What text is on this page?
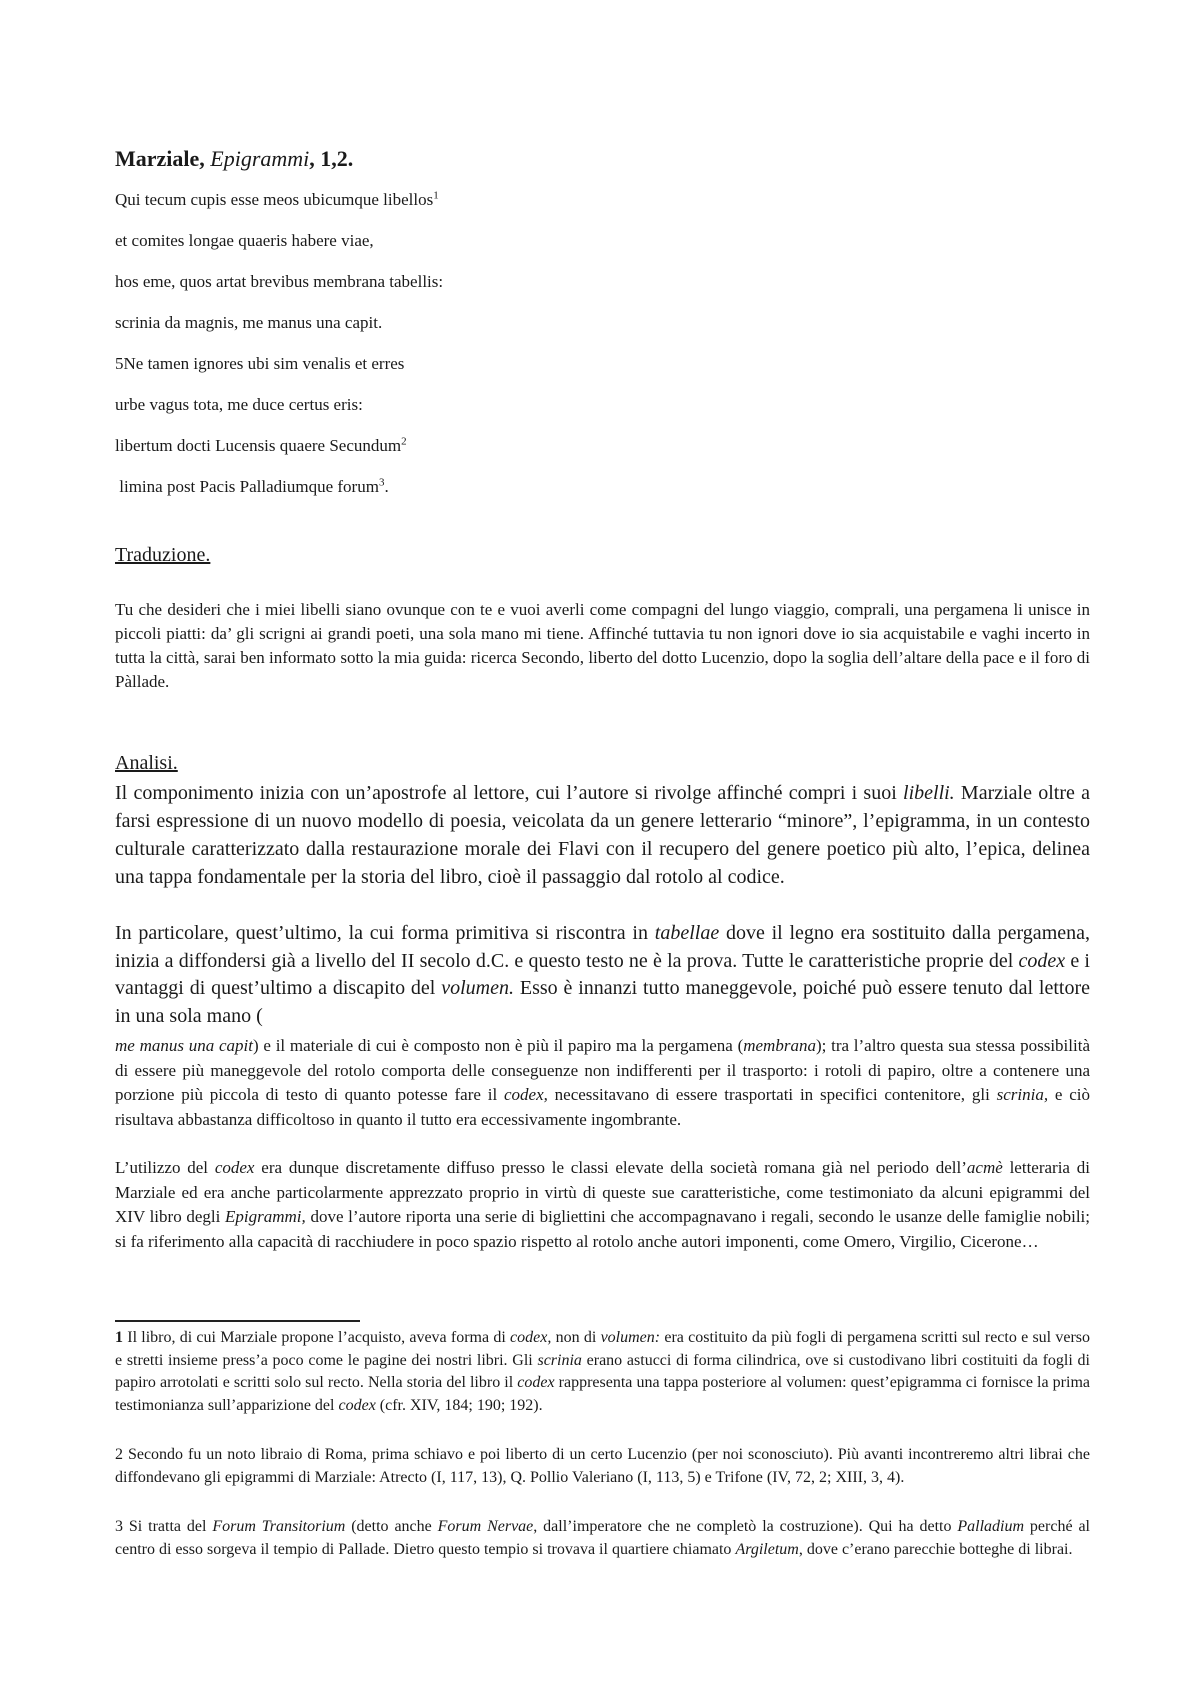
Marziale, Epigrammi, 1,2.
Qui tecum cupis esse meos ubicumque libellos$^1$
et comites longae quaeris habere viae,
hos eme, quos artat brevibus membrana tabellis:
scrinia da magnis, me manus una capit.
5Ne tamen ignores ubi sim venalis et erres
urbe vagus tota, me duce certus eris:
libertum docti Lucensis quaere Secundum$^2$
limina post Pacis Palladiumque forum$^3$.
Traduzione.

Tu che desideri che i miei libelli siano ovunque con te e vuoi averli come compagni del lungo viaggio, comprali, una pergamena li unisce in piccoli piatti: da’ gli scrigni ai grandi poeti, una sola mano mi tiene. Affinché tuttavia tu non ignori dove io sia acquistabile e vaghi incerto in tutta la città, sarai ben informato sotto la mia guida: ricerca Secondo, liberto del dotto Lucenzio, dopo la soglia dell’altare della pace e il foro di Pàllade.

Analisi.

Il componimento inizia con un’apostrofe al lettore, cui l’autore si rivolge affinché compri i suoi libelli. Marziale oltre a farsi espressione di un nuovo modello di poesia, veicolata da un genere letterario “minore”, l’epigramma, in un contesto culturale caratterizzato dalla restaurazione morale dei Flavi con il recupero del genere poetico più alto, l’epica, delinea una tappa fondamentale per la storia del libro, cioè il passaggio dal rotolo al codice.

In particolare, quest’ultimo, la cui forma primitiva si riscontra in tabellae dove il legno era sostituito dalla pergamena, inizia a diffondersi già a livello del II secolo d.C. e questo testo ne è la prova. Tutte le caratteristiche proprie del codex e i vantaggi di quest’ultimo a discapito del volumen. Esso è innanzi tutto maneggevole, poiché può essere tenuto dal lettore in una sola mano (

me manus una capit) e il materiale di cui è composto non è più il papiro ma la pergamena (membrana); tra l’altro questa sua stessa possibilità di essere più maneggevole del rotolo comporta delle conseguenze non indifferenti per il trasporto: i rotoli di papiro, oltre a contenere una porzione più piccola di testo di quanto potesse fare il codex, necessitavano di essere trasportati in specifici contenitore, gli scrinia, e ciò risultava abbastanza difficoltoso in quanto il tutto era eccessivamente ingombrante.

L’utilizzo del codex era dunque discretamente diffuso presso le classi elevate della società romana già nel periodo dell’acmè letteraria di Marziale ed era anche particolarmente apprezzato proprio in virtù di queste sue caratteristiche, come testimoniato da alcuni epigrammi del XIV libro degli Epigrammi, dove l’autore riporta una serie di bigliettini che accompagnavano i regali, secondo le usanze delle famiglie nobili; si fa riferimento alla capacità di racchiudere in poco spazio rispetto al rotolo anche autori imponenti, come Omero, Virgilio, Cicerone…

1 Il libro, di cui Marziale propone l’acquisto, aveva forma di codex, non di volumen: era costituito da più fogli di pergamena scritti sul recto e sul verso e stretti insieme press’a poco come le pagine dei nostri libri. Gli scrinia erano astucci di forma cilindrica, ove si custodivano libri costituiti da fogli di papiro arrotolati e scritti solo sul recto. Nella storia del libro il codex rappresenta una tappa posteriore al volumen: quest’epigramma ci fornisce la prima testimonianza sull’apparizione del codex (cfr. XIV, 184; 190; 192).

2 Secondo fu un noto libraio di Roma, prima schiavo e poi liberto di un certo Lucenzio (per noi sconosciuto). Più avanti incontreremo altri librai che diffondevano gli epigrammi di Marziale: Atrecto (I, 117, 13), Q. Pollio Valeriano (I, 113, 5) e Trifone (IV, 72, 2; XIII, 3, 4).

3 Si tratta del Forum Transitorium (detto anche Forum Nervae, dall’imperatore che ne completò la costruzione). Qui ha detto Palladium perché al centro di esso sorgeva il tempio di Pallade. Dietro questo tempio si trovava il quartiere chiamato Argiletum, dove c’erano parecchie botteghe di librai.
